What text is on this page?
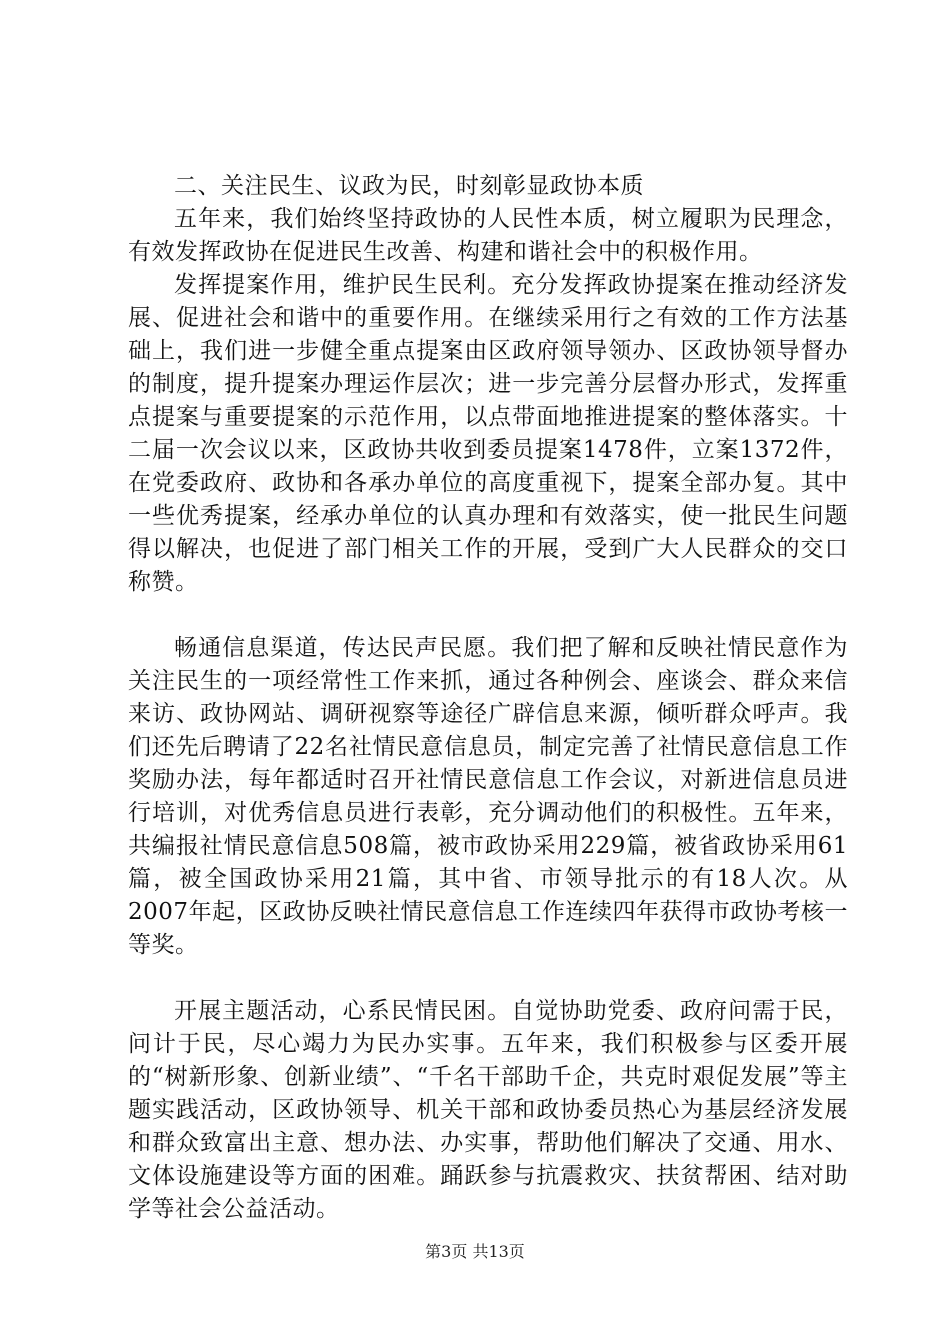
二、关注民生、议政为民，时刻彰显政协本质

五年来，我们始终坚持政协的人民性本质，树立履职为民理念，有效发挥政协在促进民生改善、构建和谐社会中的积极作用。

发挥提案作用，维护民生民利。充分发挥政协提案在推动经济发展、促进社会和谐中的重要作用。在继续采用行之有效的工作方法基础上，我们进一步健全重点提案由区政府领导领办、区政协领导督办的制度，提升提案办理运作层次；进一步完善分层督办形式，发挥重点提案与重要提案的示范作用，以点带面地推进提案的整体落实。十二届一次会议以来，区政协共收到委员提案1478件，立案1372件，在党委政府、政协和各承办单位的高度重视下，提案全部办复。其中一些优秀提案，经承办单位的认真办理和有效落实，使一批民生问题得以解决，也促进了部门相关工作的开展，受到广大人民群众的交口称赞。

畅通信息渠道，传达民声民愿。我们把了解和反映社情民意作为关注民生的一项经常性工作来抓，通过各种例会、座谈会、群众来信来访、政协网站、调研视察等途径广辟信息来源，倾听群众呼声。我们还先后聘请了22名社情民意信息员，制定完善了社情民意信息工作奖励办法，每年都适时召开社情民意信息工作会议，对新进信息员进行培训，对优秀信息员进行表彰，充分调动他们的积极性。五年来，共编报社情民意信息508篇，被市政协采用229篇，被省政协采用61篇，被全国政协采用21篇，其中省、市领导批示的有18人次。从2007年起，区政协反映社情民意信息工作连续四年获得市政协考核一等奖。

开展主题活动，心系民情民困。自觉协助党委、政府问需于民，问计于民，尽心竭力为民办实事。五年来，我们积极参与区委开展的“树新形象、创新业绩”、“千名干部助千企，共克时艰促发展”等主题实践活动，区政协领导、机关干部和政协委员热心为基层经济发展和群众致富出主意、想办法、办实事，帮助他们解决了交通、用水、文体设施建设等方面的困难。踊跃参与抗震救灾、扶贫帮困、结对助学等社会公益活动。

第3页 共13页
